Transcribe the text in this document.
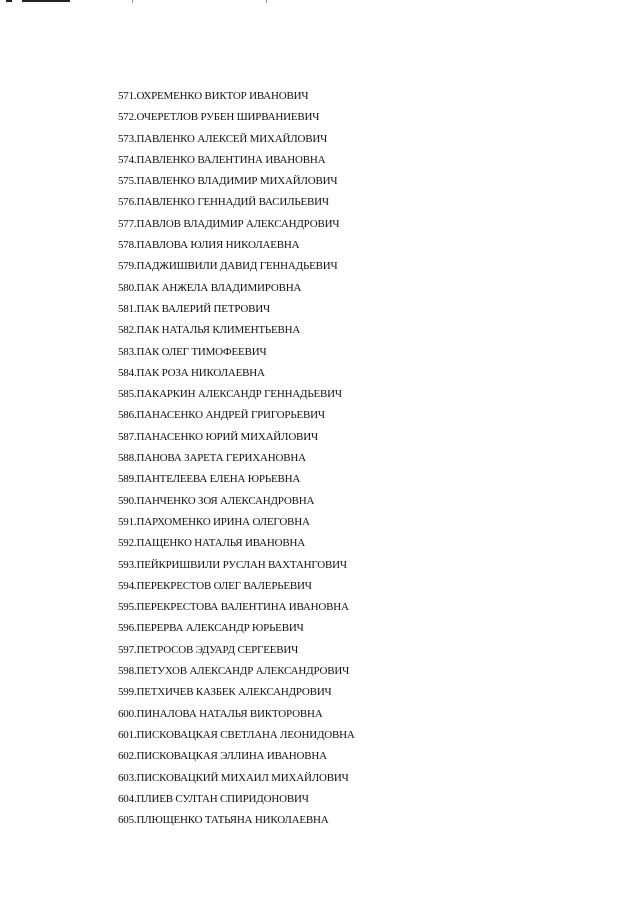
571.ОХРЕМЕНКО ВИКТОР ИВАНОВИЧ
572.ОЧЕРЕТЛОВ РУБЕН ШИРВАНИЕВИЧ
573.ПАВЛЕНКО АЛЕКСЕЙ МИХАЙЛОВИЧ
574.ПАВЛЕНКО ВАЛЕНТИНА ИВАНОВНА
575.ПАВЛЕНКО ВЛАДИМИР МИХАЙЛОВИЧ
576.ПАВЛЕНКО ГЕННАДИЙ ВАСИЛЬЕВИЧ
577.ПАВЛОВ ВЛАДИМИР АЛЕКСАНДРОВИЧ
578.ПАВЛОВА ЮЛИЯ НИКОЛАЕВНА
579.ПАДЖИШВИЛИ ДАВИД ГЕННАДЬЕВИЧ
580.ПАК АНЖЕЛА ВЛАДИМИРОВНА
581.ПАК ВАЛЕРИЙ ПЕТРОВИЧ
582.ПАК НАТАЛЬЯ КЛИМЕНТЬЕВНА
583.ПАК ОЛЕГ ТИМОФЕЕВИЧ
584.ПАК РОЗА НИКОЛАЕВНА
585.ПАКАРКИН АЛЕКСАНДР ГЕННАДЬЕВИЧ
586.ПАНАСЕНКО АНДРЕЙ ГРИГОРЬЕВИЧ
587.ПАНАСЕНКО ЮРИЙ МИХАЙЛОВИЧ
588.ПАНОВА ЗАРЕТА ГЕРИХАНОВНА
589.ПАНТЕЛЕЕВА ЕЛЕНА ЮРЬЕВНА
590.ПАНЧЕНКО ЗОЯ АЛЕКСАНДРОВНА
591.ПАРХОМЕНКО ИРИНА ОЛЕГОВНА
592.ПАЩЕНКО НАТАЛЬЯ ИВАНОВНА
593.ПЕЙКРИШВИЛИ РУСЛАН ВАХТАНГОВИЧ
594.ПЕРЕКРЕСТОВ ОЛЕГ ВАЛЕРЬЕВИЧ
595.ПЕРЕКРЕСТОВА ВАЛЕНТИНА ИВАНОВНА
596.ПЕРЕРВА АЛЕКСАНДР ЮРЬЕВИЧ
597.ПЕТРОСОВ ЭДУАРД СЕРГЕЕВИЧ
598.ПЕТУХОВ АЛЕКСАНДР АЛЕКСАНДРОВИЧ
599.ПЕТХИЧЕВ КАЗБЕК АЛЕКСАНДРОВИЧ
600.ПИНАЛОВА НАТАЛЬЯ ВИКТОРОВНА
601.ПИСКОВАЦКАЯ СВЕТЛАНА ЛЕОНИДОВНА
602.ПИСКОВАЦКАЯ ЭЛЛИНА ИВАНОВНА
603.ПИСКОВАЦКИЙ МИХАИЛ МИХАЙЛОВИЧ
604.ПЛИЕВ СУЛТАН СПИРИДОНОВИЧ
605.ПЛЮЩЕНКО ТАТЬЯНА НИКОЛАЕВНА
